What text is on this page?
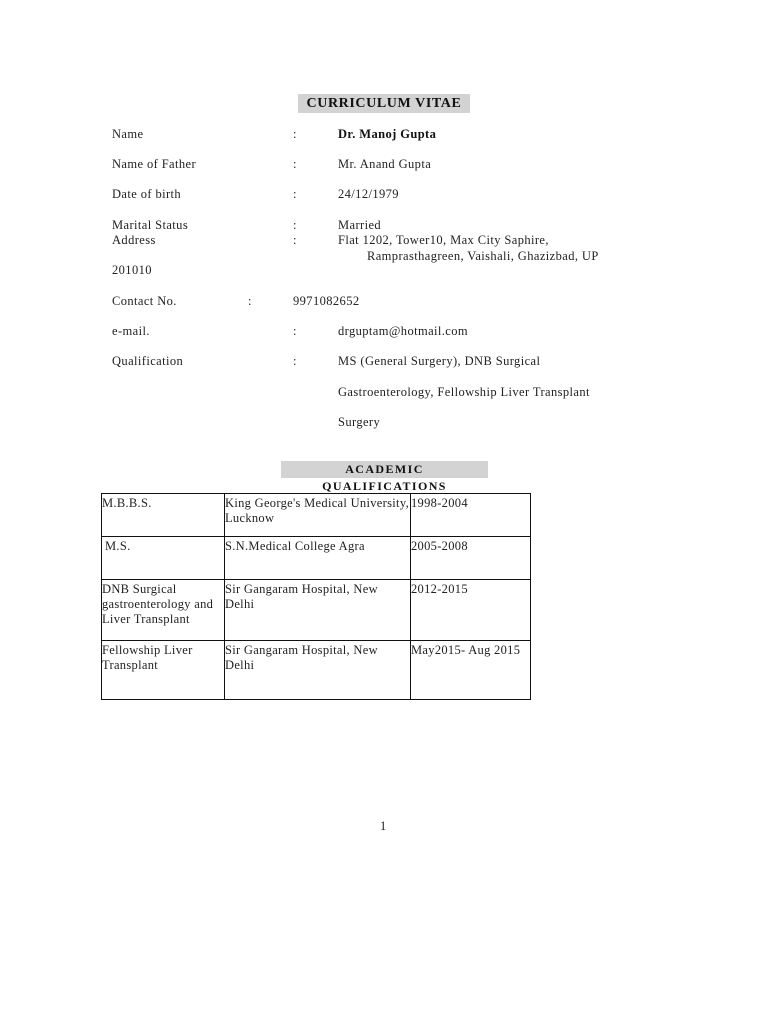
CURRICULUM VITAE
Name	:	Dr. Manoj Gupta
Name of Father	:	Mr. Anand Gupta
Date of birth	:	24/12/1979
Marital Status	:	Married
Address	:	Flat 1202, Tower10, Max City Saphire,
Ramprasthagreen, Vaishali, Ghazizbad, UP
201010
Contact No.	:	9971082652
e-mail.	:	drguptam@hotmail.com
Qualification	:	MS (General Surgery), DNB Surgical
Gastroenterology, Fellowship Liver Transplant
Surgery
ACADEMIC QUALIFICATIONS
M.B.B.S.	King George's Medical University, Lucknow	1998-2004
M.S.	S.N.Medical College Agra	2005-2008
DNB Surgical gastroenterology and Liver Transplant	Sir Gangaram Hospital, New Delhi	2012-2015
Fellowship Liver Transplant	Sir Gangaram Hospital, New Delhi	May2015- Aug 2015
1
